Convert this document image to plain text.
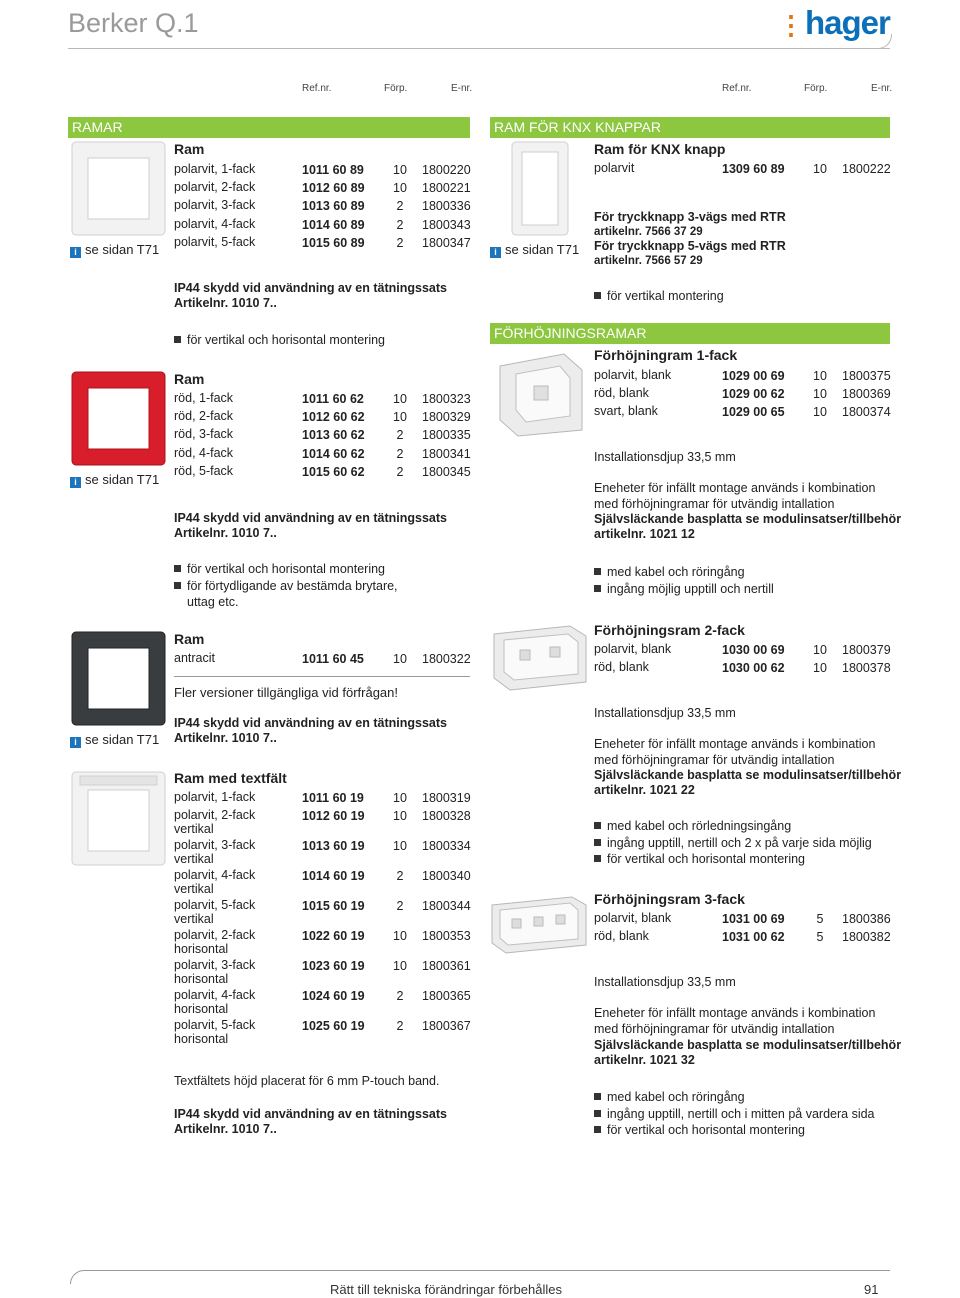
Berker Q.1	⋮hager
Ref.nr.	Förp.	E-nr.	Ref.nr.	Förp.	E-nr.
RAMAR
i se sidan T71
Ram
polarvit, 1-fack	1011 60 89 10 1800220
polarvit, 2-fack	1012 60 89 10 1800221
polarvit, 3-fack	1013 60 89	2	1800336
polarvit, 4-fack	1014 60 89	2	1800343
polarvit, 5-fack	1015 60 89	2	1800347
IP44 skydd vid användning av en tätningssats
Artikelnr. 1010 7..
för vertikal och horisontal montering
i se sidan T71
Ram
röd, 1-fack	1011 60 62 10 1800323
röd, 2-fack	1012 60 62 10 1800329
röd, 3-fack	1013 60 62	2	1800335
röd, 4-fack	1014 60 62	2	1800341
röd, 5-fack	1015 60 62	2	1800345
IP44 skydd vid användning av en tätningssats
Artikelnr. 1010 7..
för vertikal och horisontal montering
för förtydligande av bestämda brytare,
uttag etc.
i se sidan T71
Ram
antracit	1011 60 45 10 1800322
Fler versioner tillgängliga vid förfrågan!
IP44 skydd vid användning av en tätningssats
Artikelnr. 1010 7..
Ram med textfält
polarvit, 1-fack	1011 60 19 10 1800319
polarvit, 2-fack
vertikal
1012 60 19 10 1800328
polarvit, 3-fack
vertikal
1013 60 19 10 1800334
polarvit, 4-fack
vertikal
1014 60 19	2	1800340
polarvit, 5-fack
vertikal
1015 60 19	2	1800344
polarvit, 2-fack
horisontal
1022 60 19 10 1800353
polarvit, 3-fack
horisontal
1023 60 19 10 1800361
polarvit, 4-fack
horisontal
1024 60 19	2	1800365
polarvit, 5-fack
horisontal
1025 60 19	2	1800367
Textfältets höjd placerat för 6 mm P-touch band.
IP44 skydd vid användning av en tätningssats
Artikelnr. 1010 7..
RAM FÖR KNX KNAPPAR
i se sidan T71
Ram för KNX knapp
polarvit	1309 60 89 10 1800222
För tryckknapp 3-vägs med RTR
artikelnr. 7566 37 29
För tryckknapp 5-vägs med RTR
artikelnr. 7566 57 29
för vertikal montering
FÖRHÖJNINGSRAMAR
Förhöjningram 1-fack
polarvit, blank	1029 00 69 10 1800375
röd, blank	1029 00 62 10 1800369
svart, blank	1029 00 65 10 1800374
Installationsdjup 33,5 mm
Eneheter för infällt montage används i kombination
med förhöjningramar för utvändig intallation
Självsläckande basplatta se modulinsatser/tillbehör
artikelnr. 1021 12
med kabel och röringång
ingång möjlig upptill och nertill
Förhöjningsram 2-fack
polarvit, blank	1030 00 69 10 1800379
röd, blank	1030 00 62 10 1800378
Installationsdjup 33,5 mm
Eneheter för infällt montage används i kombination
med förhöjningramar för utvändig intallation
Självsläckande basplatta se modulinsatser/tillbehör
artikelnr. 1021 22
med kabel och rörledningsingång
ingång upptill, nertill och 2 x på varje sida möjlig
för vertikal och horisontal montering
Förhöjningsram 3-fack
polarvit, blank	1031 00 69	5	1800386
röd, blank	1031 00 62	5	1800382
Installationsdjup 33,5 mm
Eneheter för infällt montage används i kombination
med förhöjningramar för utvändig intallation
Självsläckande basplatta se modulinsatser/tillbehör
artikelnr. 1021 32
med kabel och röringång
ingång upptill, nertill och i mitten på vardera sida
för vertikal och horisontal montering
Rätt till tekniska förändringar förbehålles	91
